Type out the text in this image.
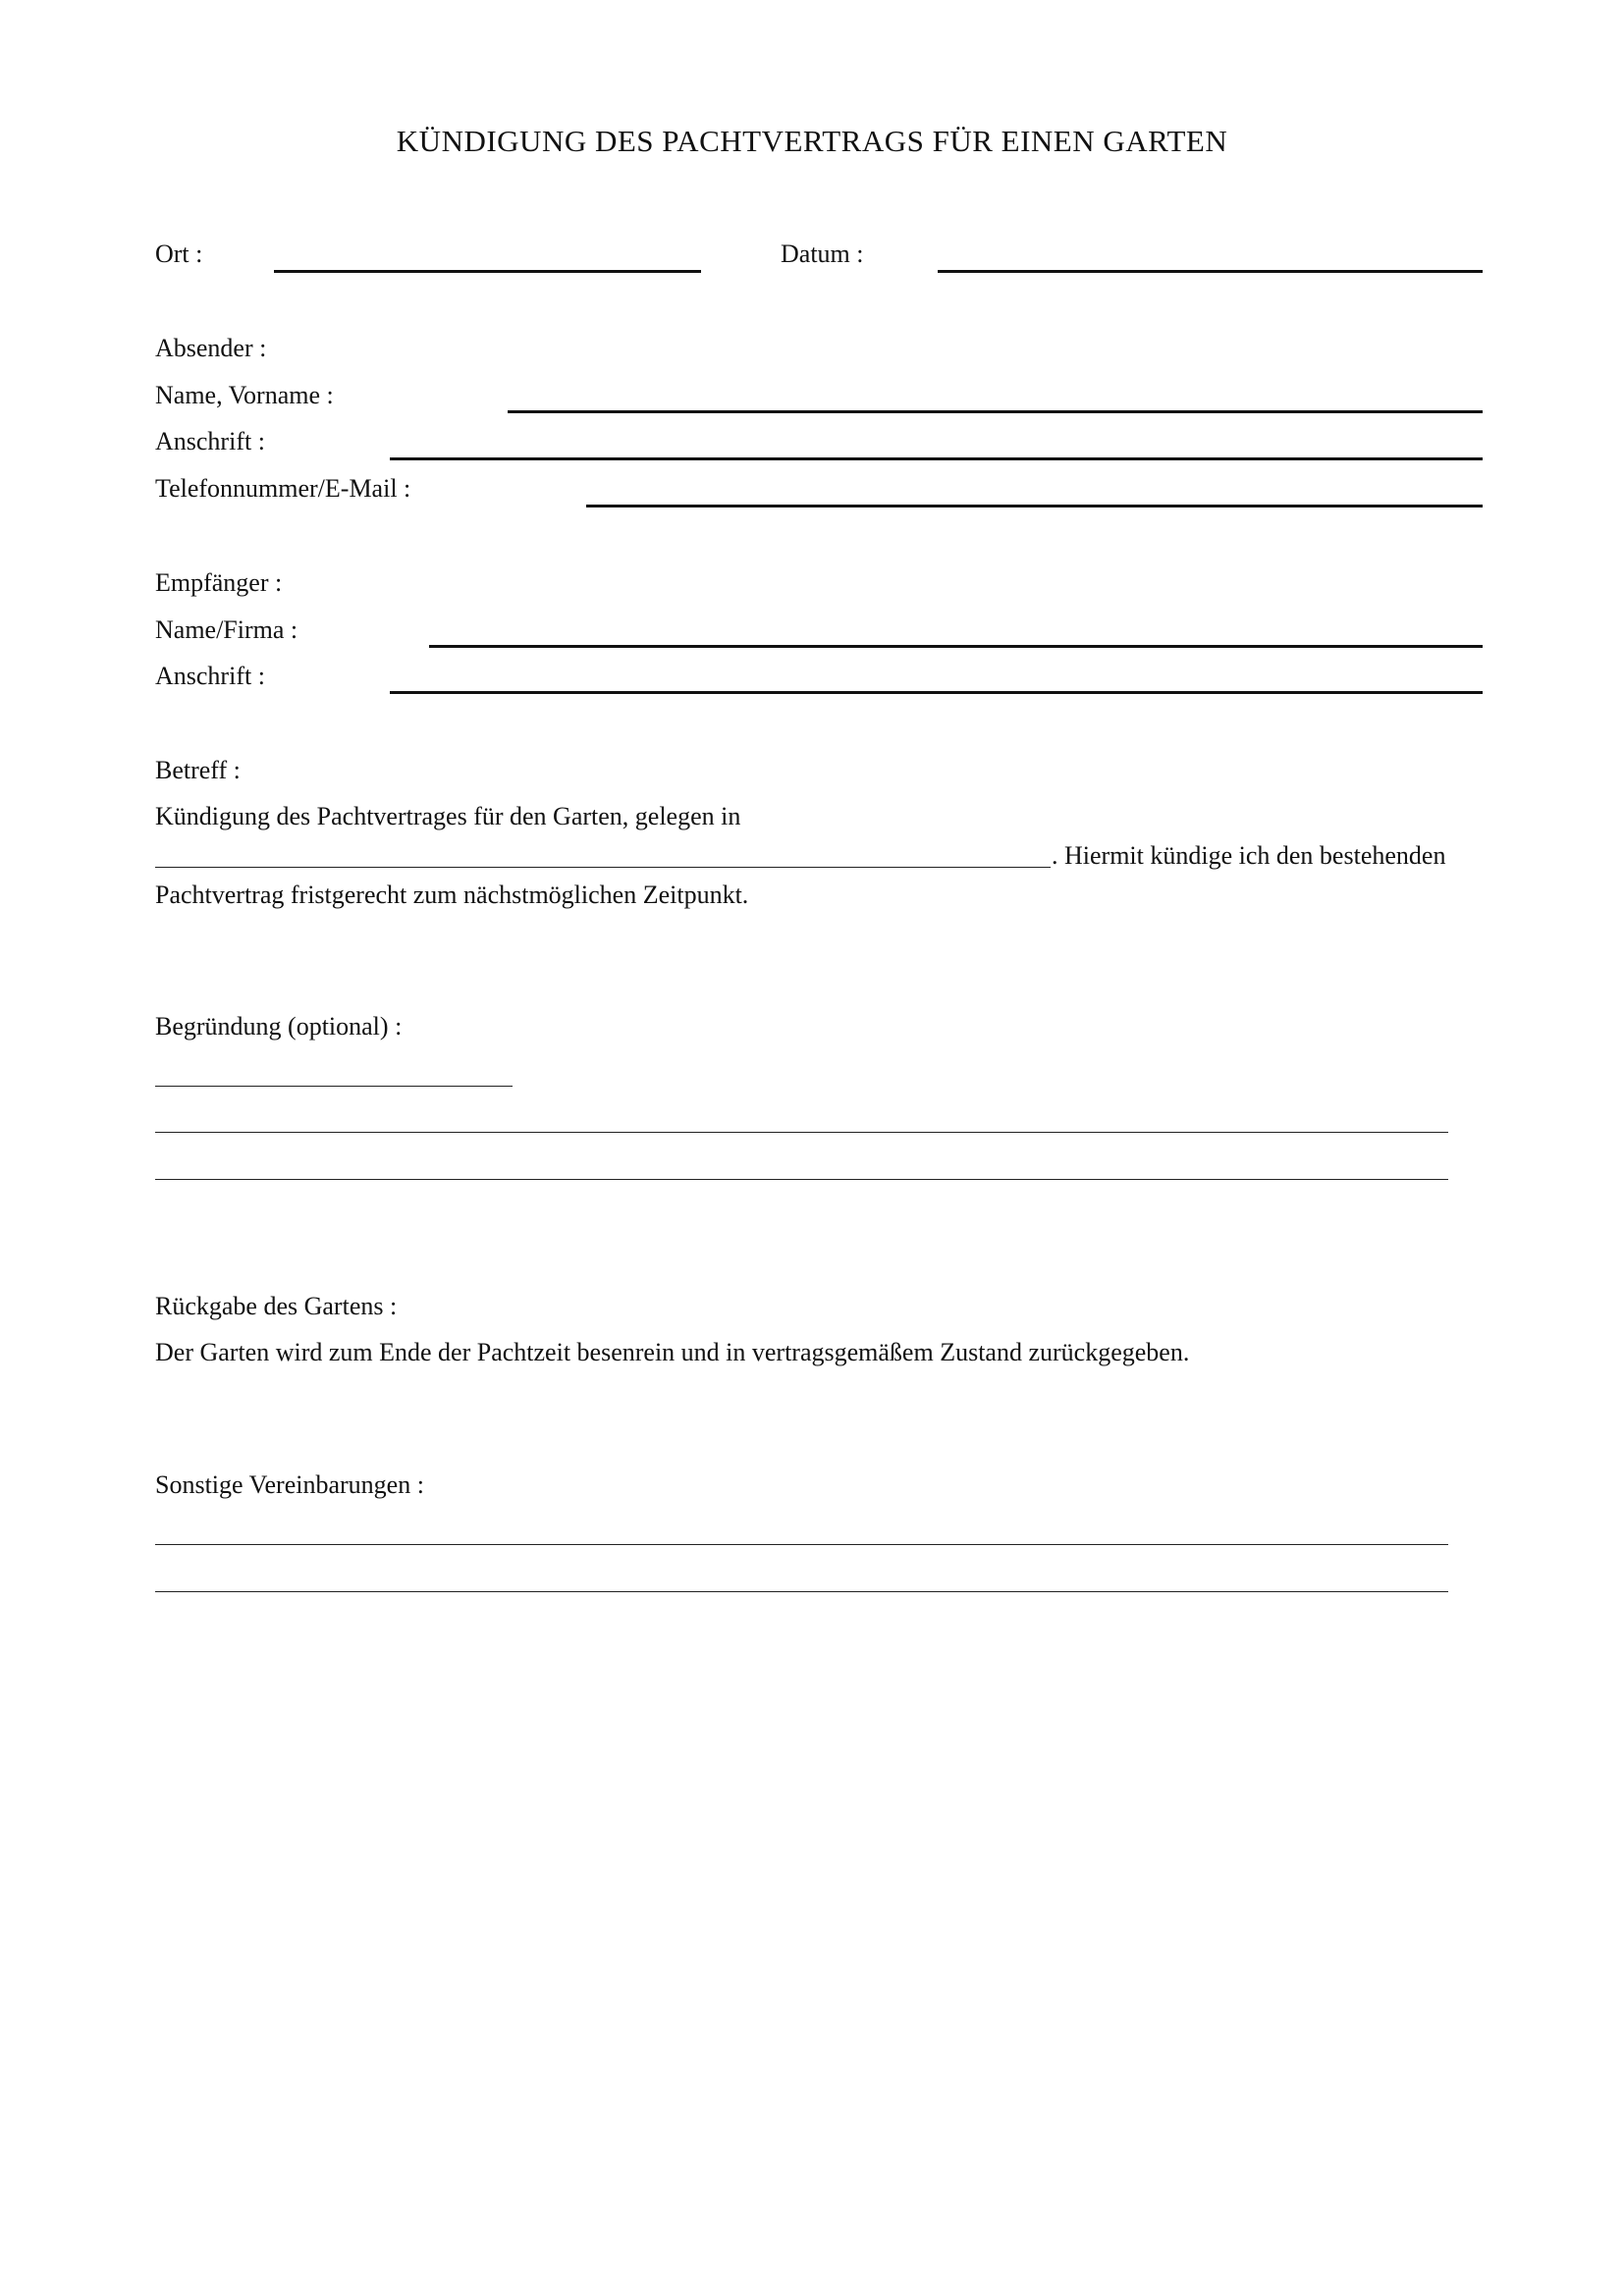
KÜNDIGUNG DES PACHTVERTRAGS FÜR EINEN GARTEN
Ort :	Datum :
Absender :
Name, Vorname :
Anschrift :
Telefonnummer/E-Mail :
Empfänger :
Name/Firma :
Anschrift :
Betreff :
Kündigung des Pachtvertrages für den Garten, gelegen in
. Hiermit kündige ich den bestehenden
Pachtvertrag fristgerecht zum nächstmöglichen Zeitpunkt.
Begründung (optional) :
Rückgabe des Gartens :
Der Garten wird zum Ende der Pachtzeit besenrein und in vertragsgemäßem Zustand zurückgegeben.
Sonstige Vereinbarungen :
